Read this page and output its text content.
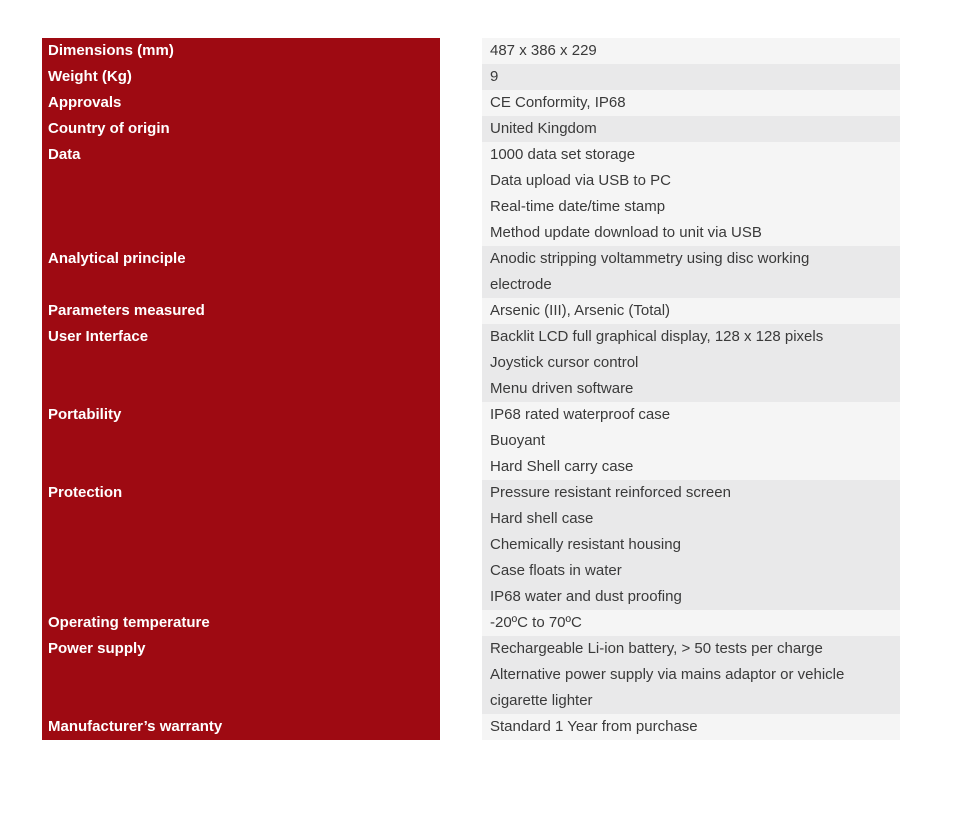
Dimensions (mm)	487 x 386 x 229
Weight (Kg)	9
Approvals	CE Conformity, IP68
Country of origin	United Kingdom
Data	1000 data set storage
Data upload via USB to PC
Real-time date/time stamp
Method update download to unit via USB
Analytical principle	Anodic stripping voltammetry using disc working
electrode
Parameters measured	Arsenic (III), Arsenic (Total)
User Interface	Backlit LCD full graphical display, 128 x 128 pixels
Joystick cursor control
Menu driven software
Portability	IP68 rated waterproof case
Buoyant
Hard Shell carry case
Protection	Pressure resistant reinforced screen
Hard shell case
Chemically resistant housing
Case floats in water
IP68 water and dust proofing
Operating temperature	-20ºC to 70ºC
Power supply	Rechargeable Li-ion battery, > 50 tests per charge
Alternative power supply via mains adaptor or vehicle
cigarette lighter
Manufacturer’s warranty	Standard 1 Year from purchase
